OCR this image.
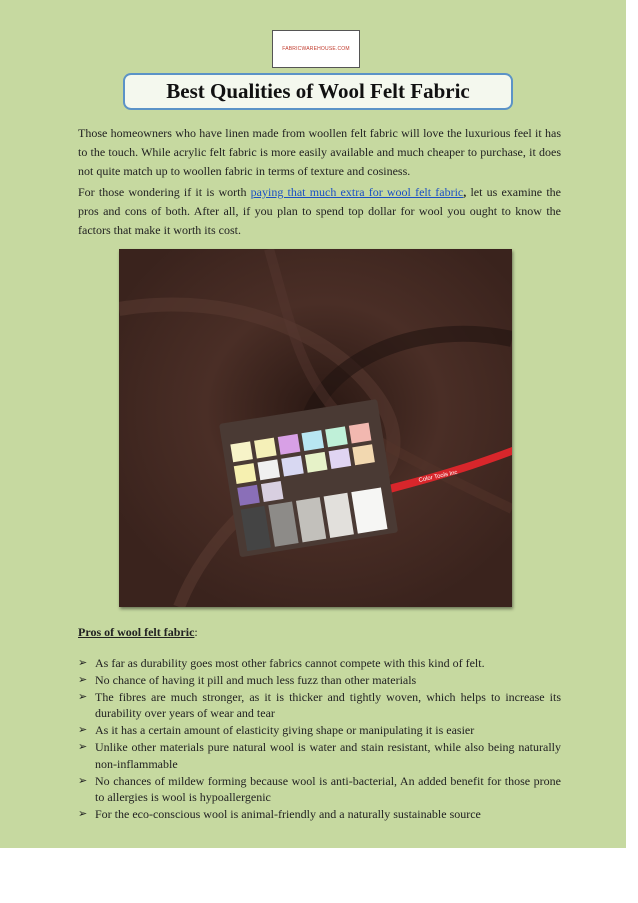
FABRICWAREHOUSE.COM
Best Qualities of Wool Felt Fabric

Those homeowners who have linen made from woollen felt fabric will love the luxurious feel it has to the touch. While acrylic felt fabric is more easily available and much cheaper to purchase, it does not quite match up to woollen fabric in terms of texture and cosiness.

For those wondering if it is worth paying that much extra for wool felt fabric, let us examine the pros and cons of both. After all, if you plan to spend top dollar for wool you ought to know the factors that make it worth its cost.

Color Tools Inc

Pros of wool felt fabric:

➢ As far as durability goes most other fabrics cannot compete with this kind of felt.
➢ No chance of having it pill and much less fuzz than other materials
➢ The fibres are much stronger, as it is thicker and tightly woven, which helps to increase its durability over years of wear and tear
➢ As it has a certain amount of elasticity giving shape or manipulating it is easier
➢ Unlike other materials pure natural wool is water and stain resistant, while also being naturally non-inflammable
➢ No chances of mildew forming because wool is anti-bacterial, An added benefit for those prone to allergies is wool is hypoallergenic
➢ For the eco-conscious wool is animal-friendly and a naturally sustainable source
